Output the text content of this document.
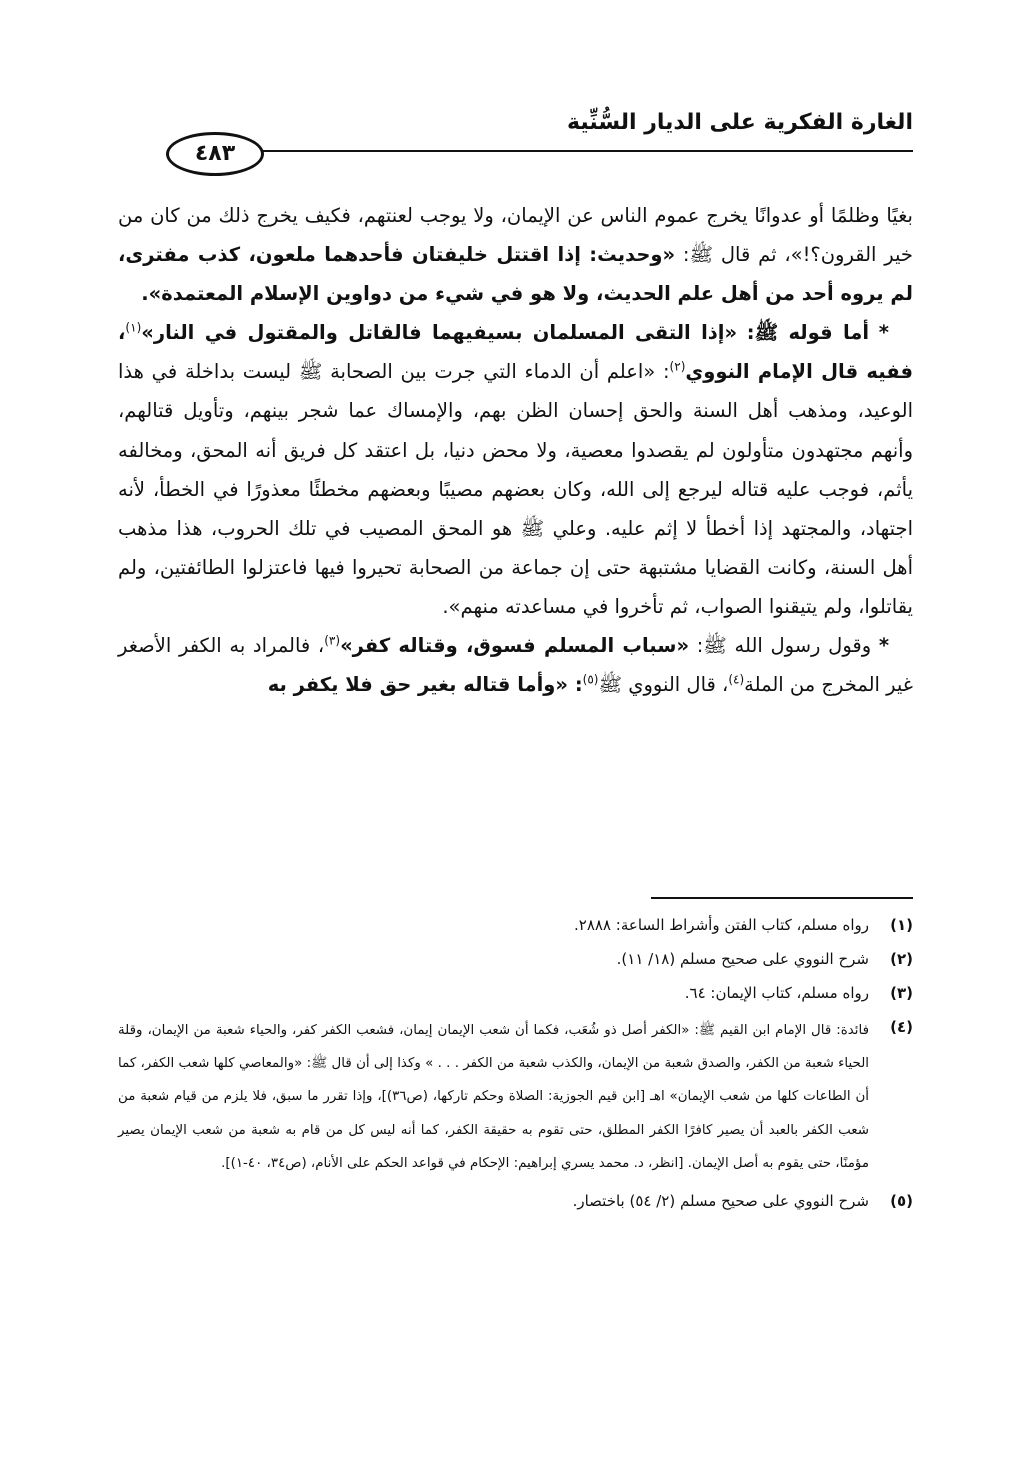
الغارة الفكرية على الديار السُّنِّية
٤٨٣

بغيًا وظلمًا أو عدوانًا يخرج عموم الناس عن الإيمان، ولا يوجب لعنتهم، فكيف يخرج ذلك من كان من خير القرون؟!»، ثم قال ﷺ: «وحديث: إذا اقتتل خليفتان فأحدهما ملعون، كذب مفترى، لم يروه أحد من أهل علم الحديث، ولا هو في شيء من دواوين الإسلام المعتمدة».

* أما قوله ﷺ: «إذا التقى المسلمان بسيفيهما فالقاتل والمقتول في النار»$^{(١)}$، ففيه قال الإمام النووي$^{(٢)}$: «اعلم أن الدماء التي جرت بين الصحابة ﷺ ليست بداخلة في هذا الوعيد، ومذهب أهل السنة والحق إحسان الظن بهم، والإمساك عما شجر بينهم، وتأويل قتالهم، وأنهم مجتهدون متأولون لم يقصدوا معصية، ولا محض دنيا، بل اعتقد كل فريق أنه المحق، ومخالفه يأثم، فوجب عليه قتاله ليرجع إلى الله، وكان بعضهم مصيبًا وبعضهم مخطئًا معذورًا في الخطأ، لأنه اجتهاد، والمجتهد إذا أخطأ لا إثم عليه. وعلي ﷺ هو المحق المصيب في تلك الحروب، هذا مذهب أهل السنة، وكانت القضايا مشتبهة حتى إن جماعة من الصحابة تحيروا فيها فاعتزلوا الطائفتين، ولم يقاتلوا، ولم يتيقنوا الصواب، ثم تأخروا في مساعدته منهم».

* وقول رسول الله ﷺ: «سباب المسلم فسوق، وقتاله كفر»$^{(٣)}$، فالمراد به الكفر الأصغر غير المخرج من الملة$^{(٤)}$، قال النووي ﷺ$^{(٥)}$: «وأما قتاله بغير حق فلا يكفر به

(١)
رواه مسلم، كتاب الفتن وأشراط الساعة: ٢٨٨٨.
(٢)
شرح النووي على صحيح مسلم (١٨/ ١١).
(٣)
رواه مسلم، كتاب الإيمان: ٦٤.
(٤)
فائدة: قال الإمام ابن القيم ﷺ: «الكفر أصل ذو شُعَب، فكما أن شعب الإيمان إيمان، فشعب الكفر كفر، والحياء شعبة من الإيمان، وقلة الحياء شعبة من الكفر، والصدق شعبة من الإيمان، والكذب شعبة من الكفر . . . » وكذا إلى أن قال ﷺ: «والمعاصي كلها شعب الكفر، كما أن الطاعات كلها من شعب الإيمان» اهـ [ابن قيم الجوزية: الصلاة وحكم تاركها، (ص٣٦)]، وإذا تقرر ما سبق، فلا يلزم من قيام شعبة من شعب الكفر بالعبد أن يصير كافرًا الكفر المطلق، حتى تقوم به حقيقة الكفر، كما أنه ليس كل من قام به شعبة من شعب الإيمان يصير مؤمنًا، حتى يقوم به أصل الإيمان. [انظر، د. محمد يسري إبراهيم: الإحكام في قواعد الحكم على الأنام، (ص٣٤، ٤٠-١)].
(٥)
شرح النووي على صحيح مسلم (٢/ ٥٤) باختصار.
